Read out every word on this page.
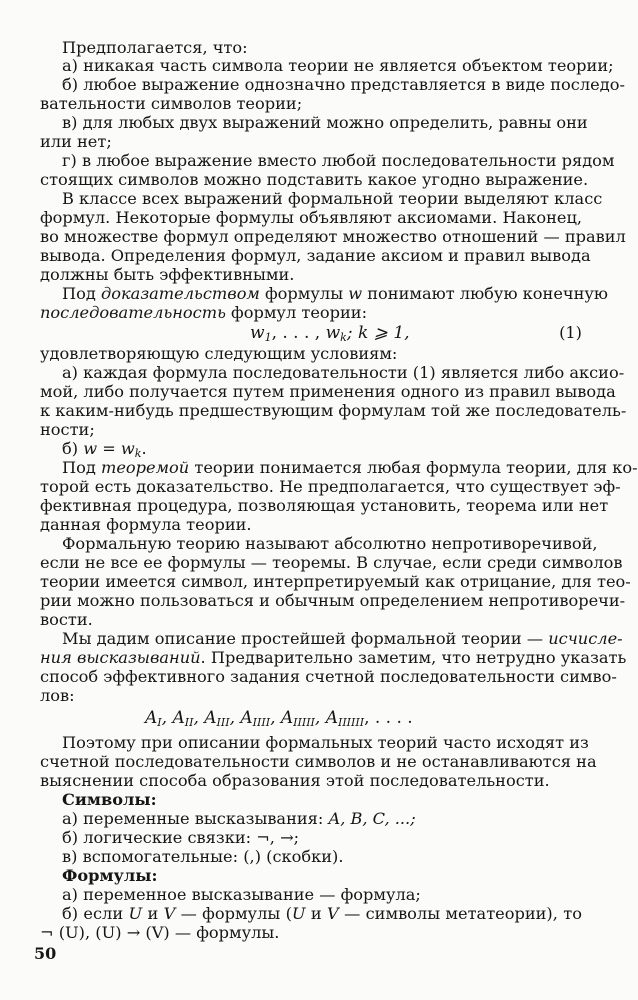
Предполагается, что:
а) никакая часть символа теории не является объектом теории;
б) любое выражение однозначно представляется в виде последо-
вательности символов теории;
в) для любых двух выражений можно определить, равны они
или нет;
г) в любое выражение вместо любой последовательности рядом
стоящих символов можно подставить какое угодно выражение.
В классе всех выражений формальной теории выделяют класс
формул. Некоторые формулы объявляют аксиомами. Наконец,
во множестве формул определяют множество отношений — правил
вывода. Определения формул, задание аксиом и правил вывода
должны быть эффективными.
Под доказательством формулы w понимают любую конечную
последовательность формул теории:
$w_1$, . . . , $w_k$; k ⩾ 1,	(1)
удовлетворяющую следующим условиям:
а) каждая формула последовательности (1) является либо аксио-
мой, либо получается путем применения одного из правил вывода
к каким-нибудь предшествующим формулам той же последователь-
ности;
б) $w = w_k$.
Под теоремой теории понимается любая формула теории, для ко-
торой есть доказательство. Не предполагается, что существует эф-
фективная процедура, позволяющая установить, теорема или нет
данная формула теории.
Формальную теорию называют абсолютно непротиворечивой,
если не все ее формулы — теоремы. В случае, если среди символов
теории имеется символ, интерпретируемый как отрицание, для тео-
рии можно пользоваться и обычным определением непротиворечи-
вости.
Мы дадим описание простейшей формальной теории — исчисле-
ния высказываний. Предварительно заметим, что нетрудно указать
способ эффективного задания счетной последовательности симво-
лов:
$A_I$, $A_{II}$, $A_{III}$, $A_{IIII}$, $A_{IIIII}$, $A_{IIIIII}$, . . . .
Поэтому при описании формальных теорий часто исходят из
счетной последовательности символов и не останавливаются на
выяснении способа образования этой последовательности.
Символы:
а) переменные высказывания: A, B, C, ...;
б) логические связки: ¬, →;
в) вспомогательные: (,) (скобки).
Формулы:
а) переменное высказывание — формула;
б) если U и V — формулы (U и V — символы метатеории), то
¬ (U), (U) → (V) — формулы.
50
